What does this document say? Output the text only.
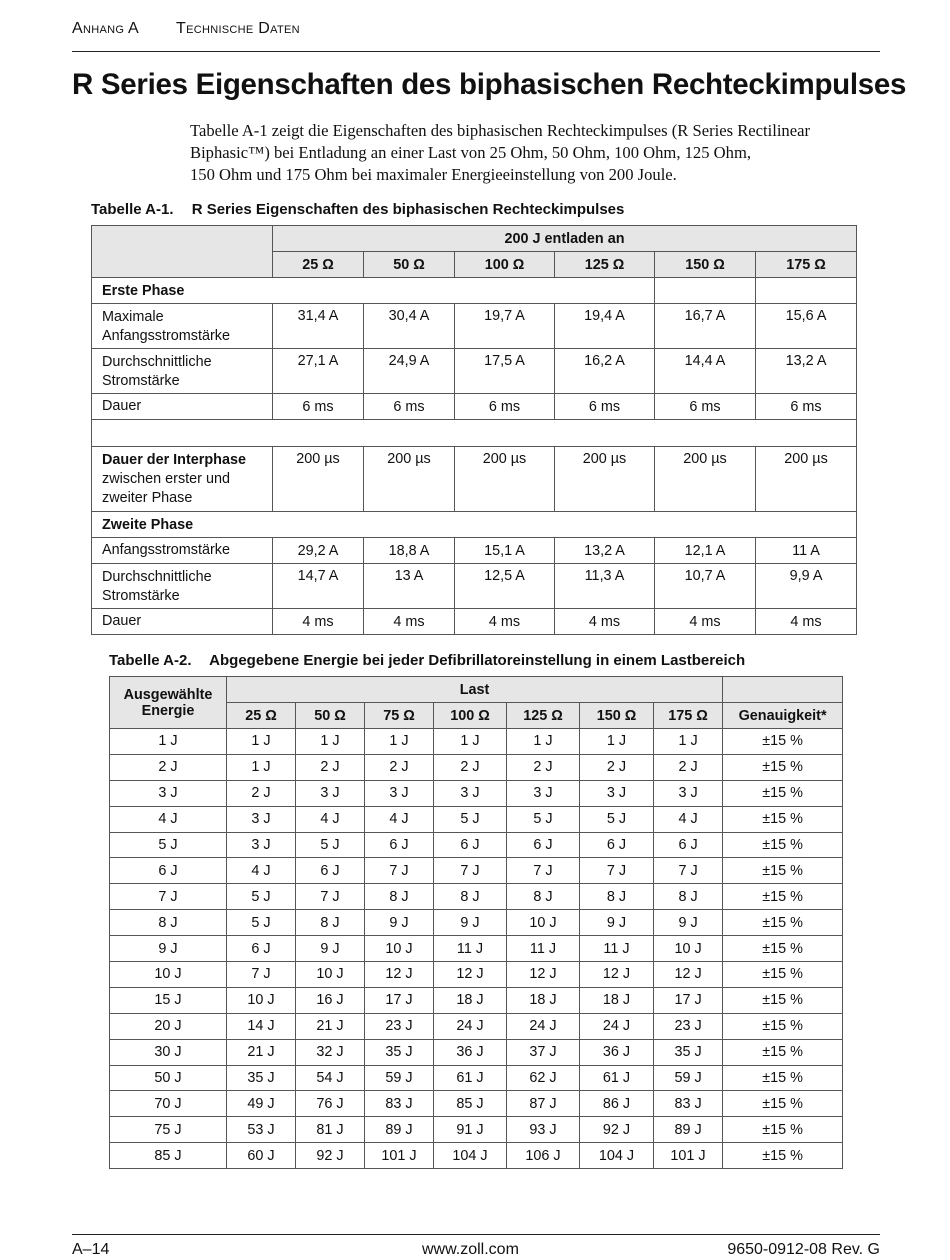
Anhang A Technische Daten
R Series Eigenschaften des biphasischen Rechteckimpulses

Tabelle A-1 zeigt die Eigenschaften des biphasischen Rechteckimpulses (R Series Rectilinear

Biphasic™) bei Entladung an einer Last von 25 Ohm, 50 Ohm, 100 Ohm, 125 Ohm,

150 Ohm und 175 Ohm bei maximaler Energieeinstellung von 200 Joule.

Tabelle A-1. R Series Eigenschaften des biphasischen Rechteckimpulses
	200 J entladen an					
	25 Ω	50 Ω	100 Ω	125 Ω	150 Ω	175 Ω
Erste Phase						

Maximale
Anfangsstromstärke	31,4 A	30,4 A	19,7 A	19,4 A	16,7 A	15,6 A

Durchschnittliche
Stromstärke	27,1 A	24,9 A	17,5 A	16,2 A	14,4 A	13,2 A

Dauer	6 ms	6 ms	6 ms	6 ms	6 ms	6 ms

Dauer der Interphase
zwischen erster und
zweiter Phase	200 µs	200 µs	200 µs	200 µs	200 µs	200 µs
Zweite Phase						

Anfangsstromstärke	29,2 A	18,8 A	15,1 A	13,2 A	12,1 A	11 A

Durchschnittliche
Stromstärke	14,7 A	13 A	12,5 A	11,3 A	10,7 A	9,9 A

Dauer	4 ms	4 ms	4 ms	4 ms	4 ms	4 ms
Tabelle A-2. Abgegebene Energie bei jeder Defibrillatoreinstellung in einem Lastbereich
Ausgewählte Energie	Last							
	25 Ω	50 Ω	75 Ω	100 Ω	125 Ω	150 Ω	175 Ω	Genauigkeit*
1 J	1 J	1 J	1 J	1 J	1 J	1 J	1 J	±15 %
2 J	1 J	2 J	2 J	2 J	2 J	2 J	2 J	±15 %
3 J	2 J	3 J	3 J	3 J	3 J	3 J	3 J	±15 %
4 J	3 J	4 J	4 J	5 J	5 J	5 J	4 J	±15 %
5 J	3 J	5 J	6 J	6 J	6 J	6 J	6 J	±15 %
6 J	4 J	6 J	7 J	7 J	7 J	7 J	7 J	±15 %
7 J	5 J	7 J	8 J	8 J	8 J	8 J	8 J	±15 %
8 J	5 J	8 J	9 J	9 J	10 J	9 J	9 J	±15 %
9 J	6 J	9 J	10 J	11 J	11 J	11 J	10 J	±15 %
10 J	7 J	10 J	12 J	12 J	12 J	12 J	12 J	±15 %
15 J	10 J	16 J	17 J	18 J	18 J	18 J	17 J	±15 %
20 J	14 J	21 J	23 J	24 J	24 J	24 J	23 J	±15 %
30 J	21 J	32 J	35 J	36 J	37 J	36 J	35 J	±15 %
50 J	35 J	54 J	59 J	61 J	62 J	61 J	59 J	±15 %
70 J	49 J	76 J	83 J	85 J	87 J	86 J	83 J	±15 %
75 J	53 J	81 J	89 J	91 J	93 J	92 J	89 J	±15 %
85 J	60 J	92 J	101 J	104 J	106 J	104 J	101 J	±15 %
A–14	www.zoll.com	9650-0912-08 Rev. G
